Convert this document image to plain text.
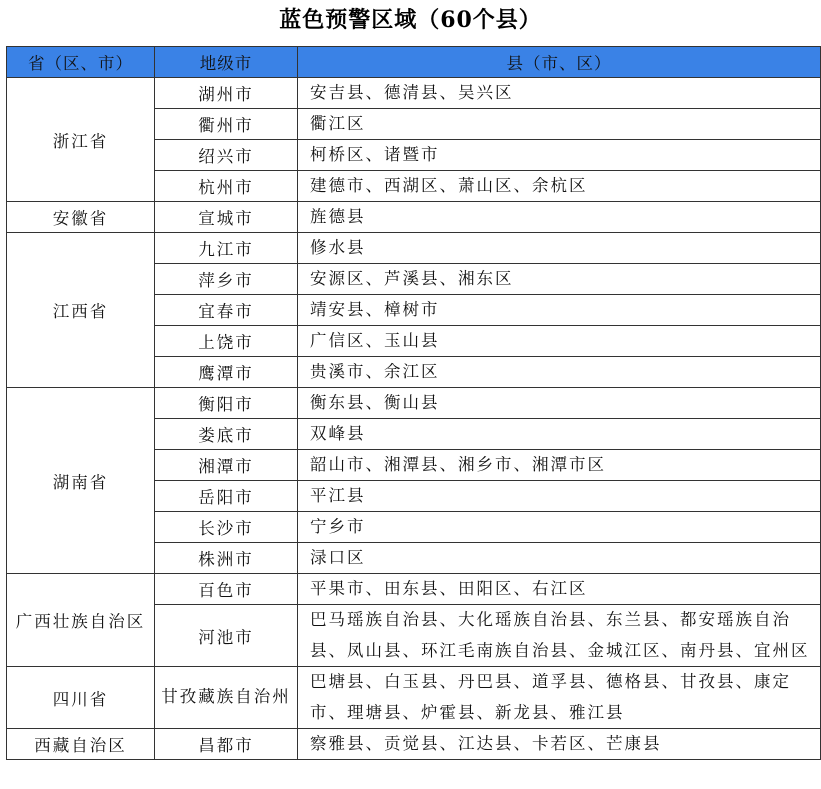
蓝色预警区域（60个县）
省（区、市）	地级市	县（市、区）
浙江省	湖州市	安吉县、德清县、吴兴区
	衢州市	衢江区
	绍兴市	柯桥区、诸暨市
	杭州市	建德市、西湖区、萧山区、余杭区
安徽省	宣城市	旌德县
江西省	九江市	修水县
	萍乡市	安源区、芦溪县、湘东区
	宜春市	靖安县、樟树市
	上饶市	广信区、玉山县
	鹰潭市	贵溪市、余江区
湖南省	衡阳市	衡东县、衡山县
	娄底市	双峰县
	湘潭市	韶山市、湘潭县、湘乡市、湘潭市区
	岳阳市	平江县
	长沙市	宁乡市
	株洲市	渌口区
广西壮族自治区	百色市	平果市、田东县、田阳区、右江区
	河池市	巴马瑶族自治县、大化瑶族自治县、东兰县、都安瑶族自治县、凤山县、环江毛南族自治县、金城江区、南丹县、宜州区
四川省	甘孜藏族自治州	巴塘县、白玉县、丹巴县、道孚县、德格县、甘孜县、康定市、理塘县、炉霍县、新龙县、雅江县
西藏自治区	昌都市	察雅县、贡觉县、江达县、卡若区、芒康县
